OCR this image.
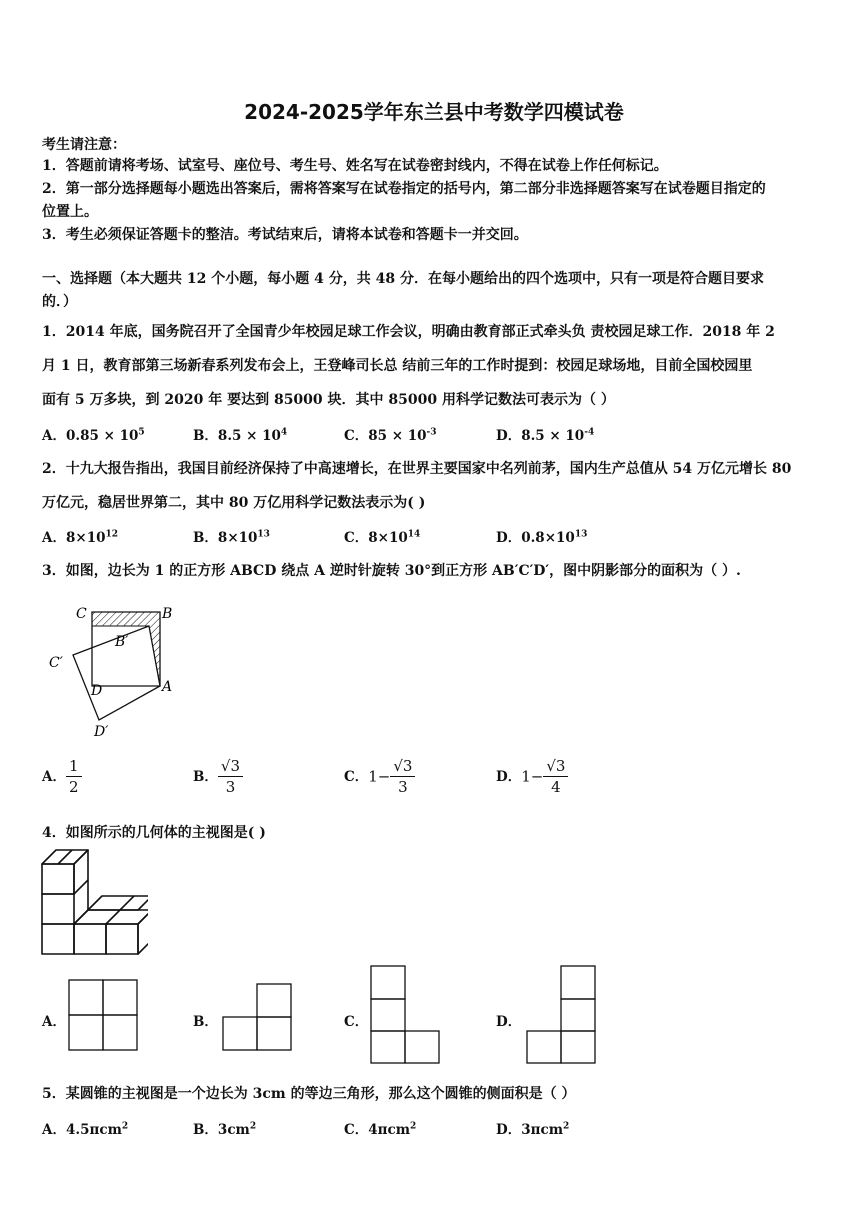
2024-2025学年东兰县中考数学四模试卷
考生请注意：
1．答题前请将考场、试室号、座位号、考生号、姓名写在试卷密封线内，不得在试卷上作任何标记。
2．第一部分选择题每小题选出答案后，需将答案写在试卷指定的括号内，第二部分非选择题答案写在试卷题目指定的
位置上。
3．考生必须保证答题卡的整洁。考试结束后，请将本试卷和答题卡一并交回。
一、选择题（本大题共 12 个小题，每小题 4 分，共 48 分．在每小题给出的四个选项中，只有一项是符合题目要求
的．）
1．2014 年底，国务院召开了全国青少年校园足球工作会议，明确由教育部正式牵头负 责校园足球工作．2018 年 2
月 1 日，教育部第三场新春系列发布会上，王登峰司长总 结前三年的工作时提到：校园足球场地，目前全国校园里
面有 5 万多块，到 2020 年 要达到 85000 块．其中 85000 用科学记数法可表示为（ ）
A．$0.85 \times 10^5$	B．$8.5 \times 10^4$	C．$85 \times 10^{-3}$	D．$8.5 \times 10^{-4}$
2．十九大报告指出，我国目前经济保持了中高速增长，在世界主要国家中名列前茅，国内生产总值从 54 万亿元增长 80
万亿元，稳居世界第二，其中 80 万亿用科学记数法表示为( )
A．$8\times 10^{12}$	B．$8\times 10^{13}$	C．$8\times 10^{14}$	D．$0.8\times 10^{13}$
3．如图，边长为 1 的正方形 ABCD 绕点 A 逆时针旋转 30°到正方形 AB′C′D′，图中阴影部分的面积为（ ）.
C	B
B′
C′
D	A
D′
A． $\frac{1}{2}$	B． $\frac{√3}{3}$	C．$1- \frac{√3}{3}$	D．$1- \frac{√3}{4}$
4．如图所示的几何体的主视图是( )
A．	B．	C．	D．
5．某圆锥的主视图是一个边长为 3cm 的等边三角形，那么这个圆锥的侧面积是（ ）
A．4.5πcm$^2$	B．$3cm^2$	C．4πcm$^2$	D．3πcm$^2$
